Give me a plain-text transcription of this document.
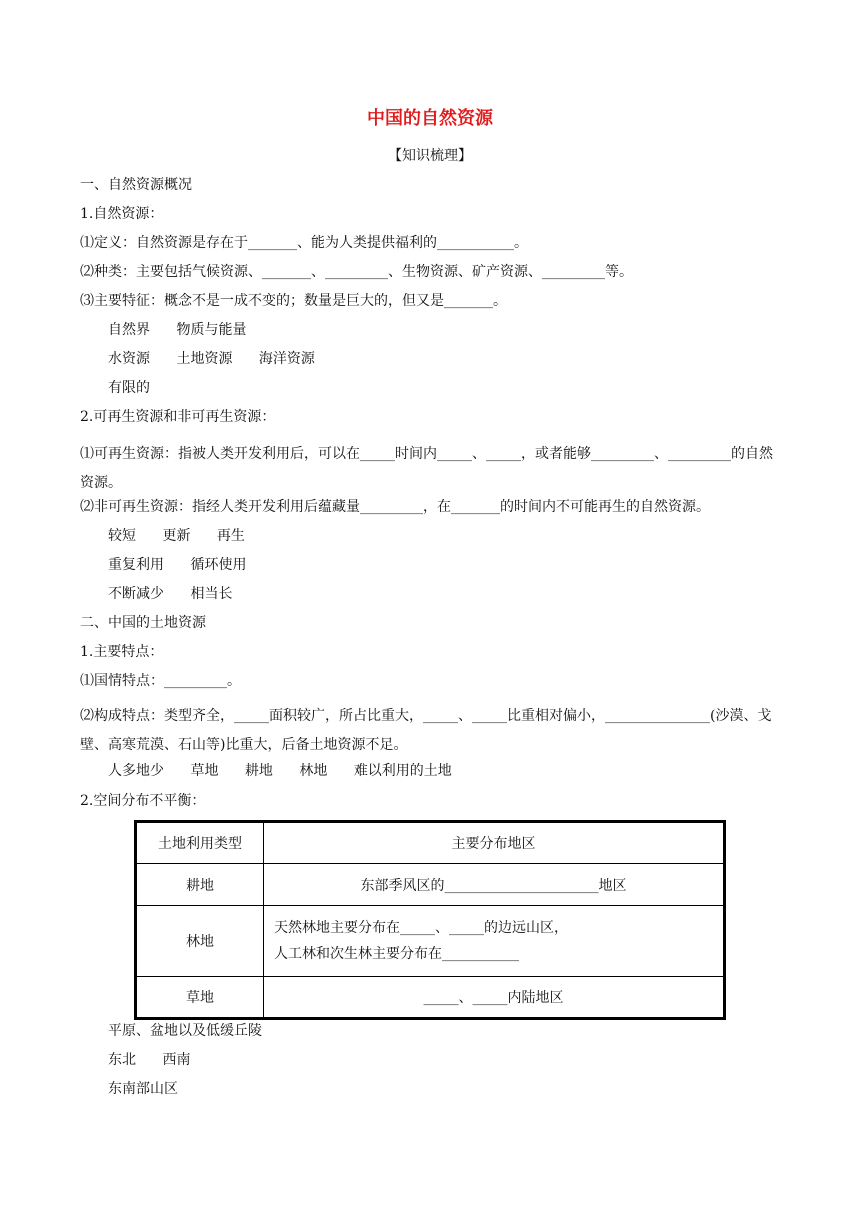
中国的自然资源
【知识梳理】
一、自然资源概况
1.自然资源：
⑴定义：自然资源是存在于_______、能为人类提供福利的___________。
⑵种类：主要包括气候资源、_______、_________、生物资源、矿产资源、_________等。
⑶主要特征：概念不是一成不变的；数量是巨大的，但又是_______。
自然界 物质与能量
水资源 土地资源 海洋资源
有限的
2.可再生资源和非可再生资源：
⑴可再生资源：指被人类开发利用后，可以在_____时间内_____、_____，或者能够_________、_________的自然资源。
⑵非可再生资源：指经人类开发利用后蕴藏量_________，在_______的时间内不可能再生的自然资源。
较短 更新 再生
重复利用 循环使用
不断减少 相当长
二、中国的土地资源
1.主要特点：
⑴国情特点：_________。
⑵构成特点：类型齐全，_____面积较广，所占比重大，_____、_____比重相对偏小，_______________(沙漠、戈壁、高寒荒漠、石山等)比重大，后备土地资源不足。
人多地少 草地 耕地 林地 难以利用的土地
2.空间分布不平衡：
土地利用类型	主要分布地区
耕地	东部季风区的______________________地区
林地	天然林地主要分布在_____、_____的边远山区，
人工林和次生林主要分布在___________

草地	_____、_____内陆地区
平原、盆地以及低缓丘陵
东北 西南
东南部山区
